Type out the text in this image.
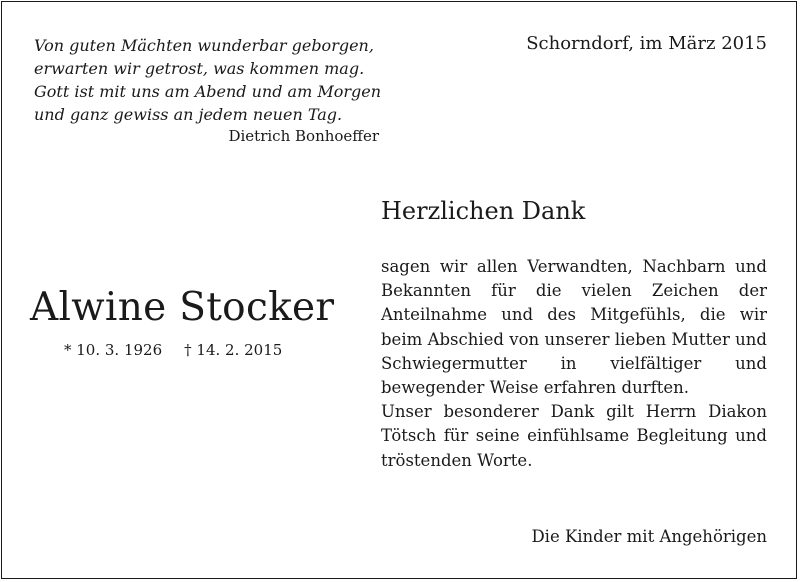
Von guten Mächten wunderbar geborgen,
erwarten wir getrost, was kommen mag.
Gott ist mit uns am Abend und am Morgen
und ganz gewiss an jedem neuen Tag.
Dietrich Bonhoeffer
Schorndorf, im März 2015
Alwine Stocker
* 10. 3. 1926 † 14. 2. 2015
Herzlichen Dank
sagen wir allen Verwandten, Nachbarn und Bekannten für die vielen Zeichen der Anteilnahme und des Mitgefühls, die wir beim Abschied von unserer lieben Mutter und Schwiegermutter in vielfältiger und bewegender Weise erfahren durften.
Unser besonderer Dank gilt Herrn Diakon Tötsch für seine einfühlsame Begleitung und tröstenden Worte.
Die Kinder mit Angehörigen
